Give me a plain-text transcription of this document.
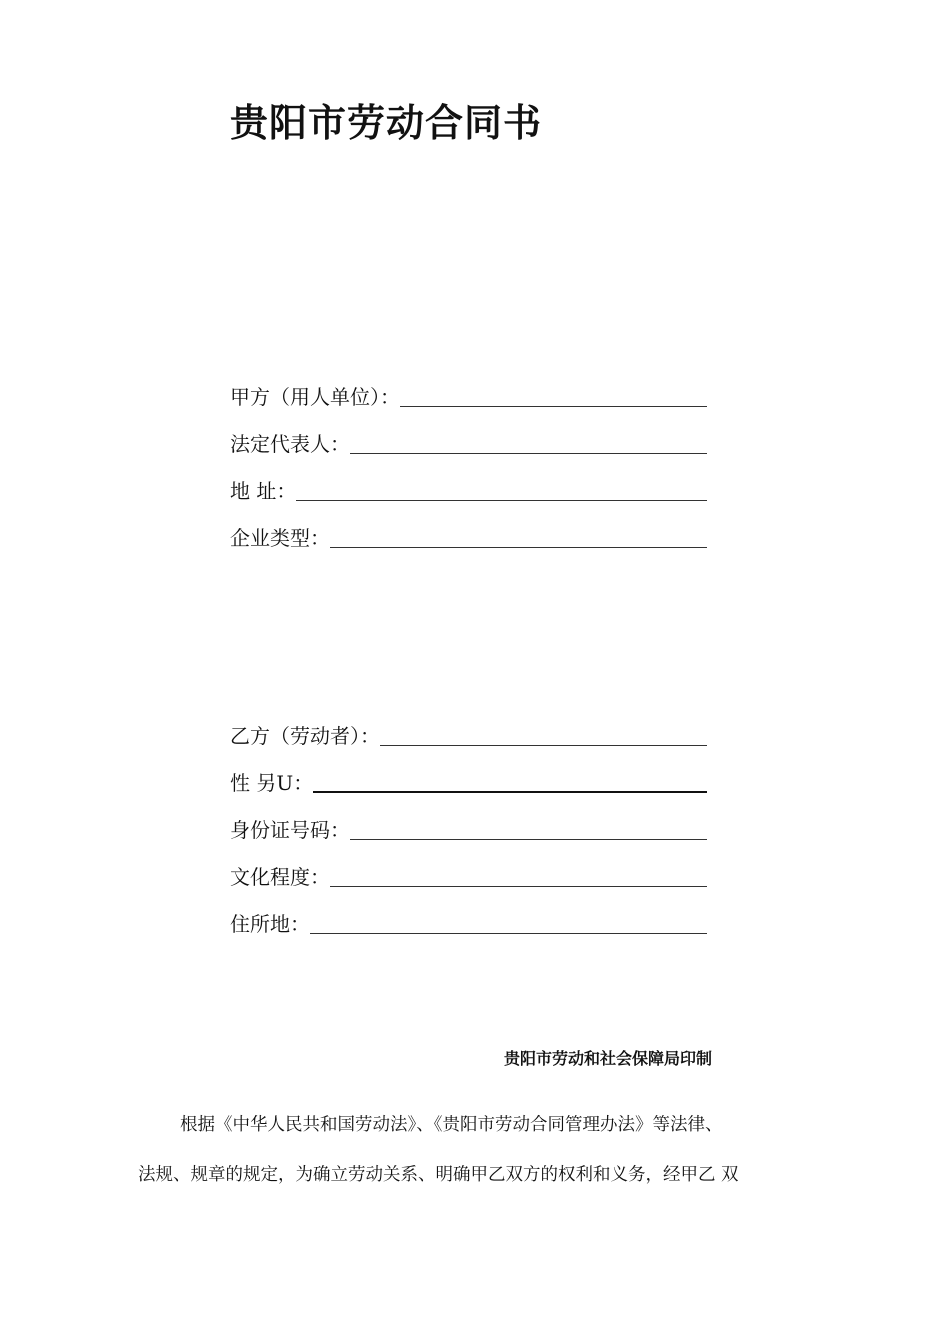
贵阳市劳动合同书
甲方（用人单位）：
法定代表人：
地 址：
企业类型：
乙方（劳动者）：
性 另U：
身份证号码：
文化程度：
住所地：
贵阳市劳动和社会保障局印制
根据《中华人民共和国劳动法》、《贵阳市劳动合同管理办法》等法律、
法规、规章的规定，为确立劳动关系、明确甲乙双方的权利和义务，经甲乙 双
